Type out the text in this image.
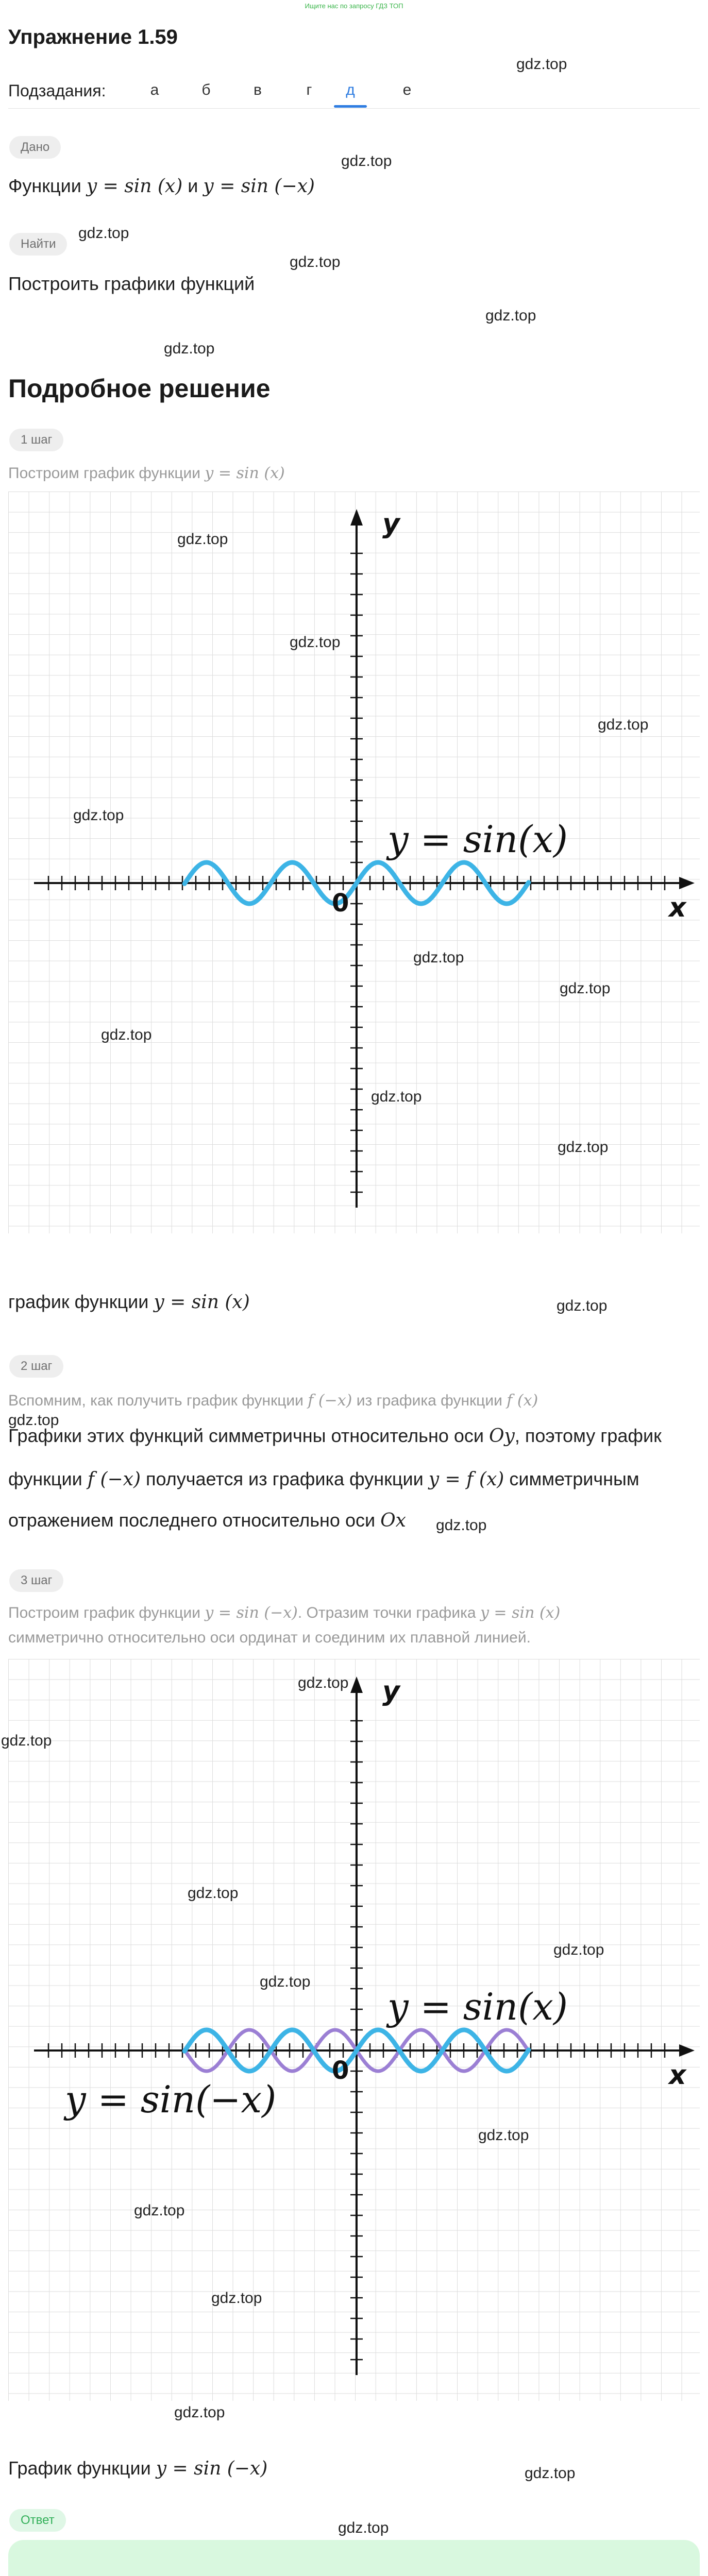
Ищите нас по запросу ГДЗ ТОП
Упражнение 1.59
gdz.top
Подзадания:	а	б	в	г	д	е
Дано
gdz.top
Функции y = sin (x) и y = sin (−x)
Найти
gdz.top
gdz.top
Построить графики функций
gdz.top
gdz.top
Подробное решение
1 шаг
Построим график функции y = sin (x)
y
x
0
y = sin(x)
gdz.top
gdz.top
gdz.top
gdz.top
gdz.top
gdz.top
gdz.top
gdz.top
gdz.top
график функции y = sin (x)	gdz.top
2 шаг
Вспомним, как получить график функции f (−x) из графика функции f (x)
gdz.top
Графики этих функций симметричны относительно оси Oy, поэтому график
функции f (−x) получается из графика функции y = f (x) симметричным
отражением последнего относительно оси Ox gdz.top
3 шаг
Построим график функции y = sin (−x). Отразим точки графика y = sin (x)
симметрично относительно оси ординат и соединим их плавной линией.
y
x
0
y = sin(x)
y = sin(−x)
gdz.top
gdz.top
gdz.top
gdz.top
gdz.top
gdz.top
gdz.top
gdz.top
gdz.top
График функции y = sin (−x)	gdz.top
Ответ	gdz.top
